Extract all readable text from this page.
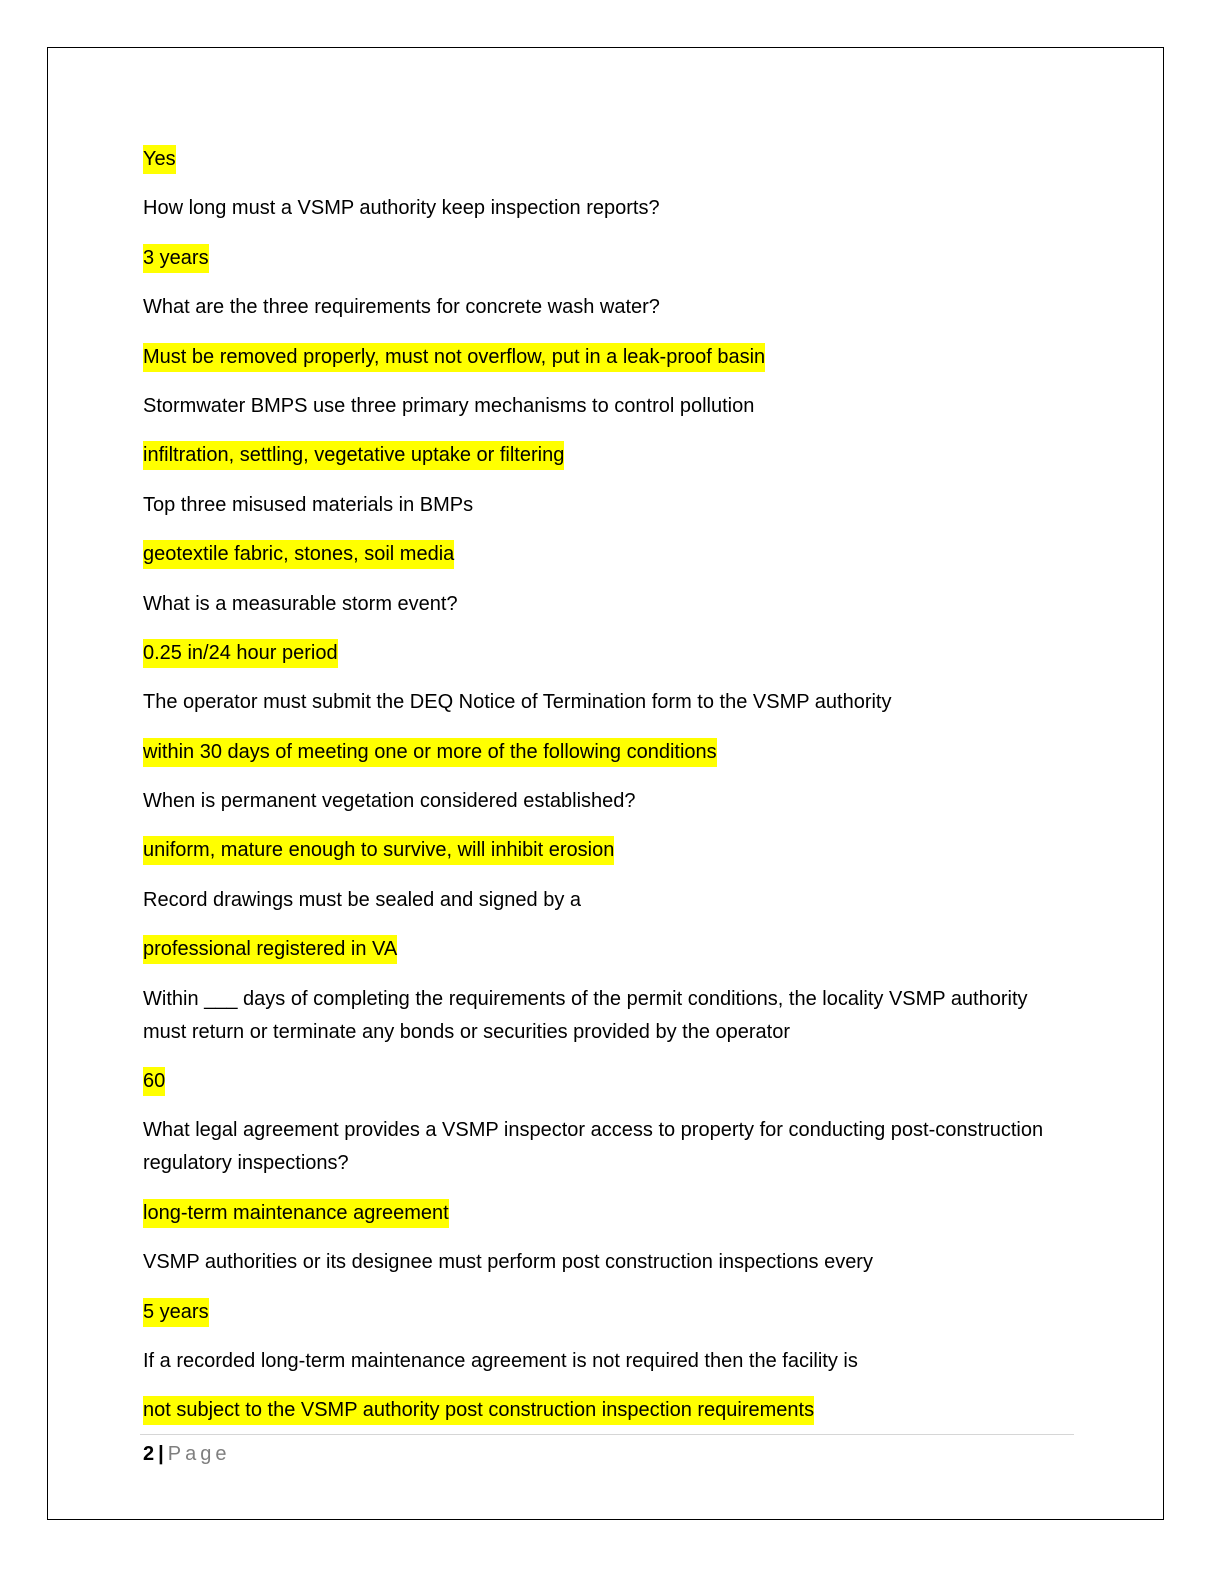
Yes

How long must a VSMP authority keep inspection reports?

3 years

What are the three requirements for concrete wash water?

Must be removed properly, must not overflow, put in a leak-proof basin

Stormwater BMPS use three primary mechanisms to control pollution

infiltration, settling, vegetative uptake or filtering

Top three misused materials in BMPs

geotextile fabric, stones, soil media

What is a measurable storm event?

0.25 in/24 hour period

The operator must submit the DEQ Notice of Termination form to the VSMP authority

within 30 days of meeting one or more of the following conditions

When is permanent vegetation considered established?

uniform, mature enough to survive, will inhibit erosion

Record drawings must be sealed and signed by a

professional registered in VA

Within ___ days of completing the requirements of the permit conditions, the locality VSMP authority must return or terminate any bonds or securities provided by the operator

60

What legal agreement provides a VSMP inspector access to property for conducting post-construction regulatory inspections?

long-term maintenance agreement

VSMP authorities or its designee must perform post construction inspections every

5 years

If a recorded long-term maintenance agreement is not required then the facility is

not subject to the VSMP authority post construction inspection requirements

2 | Page
